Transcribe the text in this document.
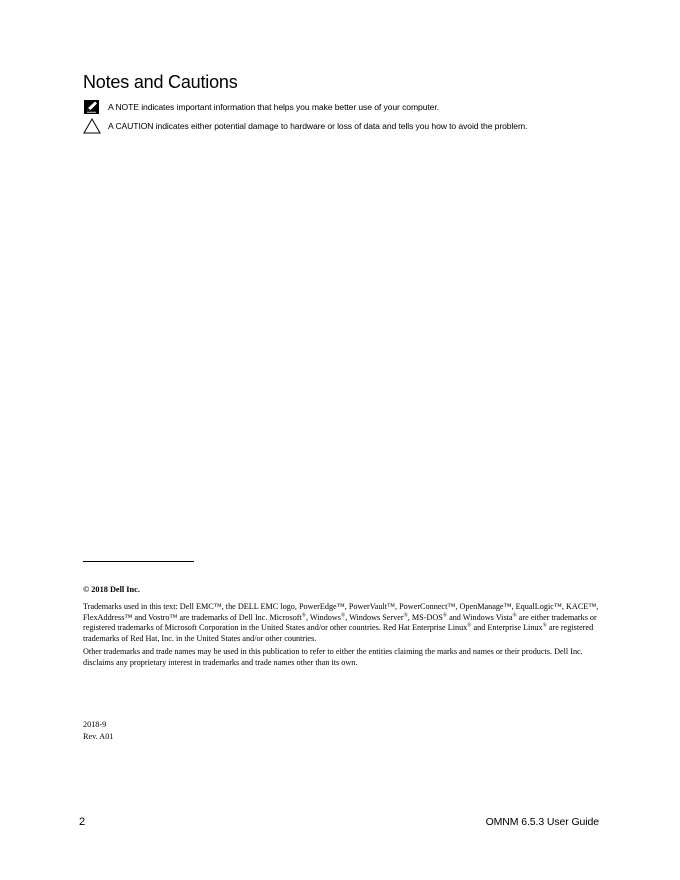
Notes and Cautions
A NOTE indicates important information that helps you make better use of your computer.
A CAUTION indicates either potential damage to hardware or loss of data and tells you how to avoid the problem.
© 2018 Dell Inc.

Trademarks used in this text: Dell EMC™, the DELL EMC logo, PowerEdge™, PowerVault™, PowerConnect™, OpenManage™, EqualLogic™, KACE™, FlexAddress™ and Vostro™ are trademarks of Dell Inc. Microsoft®, Windows®, Windows Server®, MS-DOS® and Windows Vista® are either trademarks or registered trademarks of Microsoft Corporation in the United States and/or other countries. Red Hat Enterprise Linux® and Enterprise Linux® are registered trademarks of Red Hat, Inc. in the United States and/or other countries.

Other trademarks and trade names may be used in this publication to refer to either the entities claiming the marks and names or their products. Dell Inc. disclaims any proprietary interest in trademarks and trade names other than its own.

2018-9
Rev. A01
2	OMNM 6.5.3 User Guide
